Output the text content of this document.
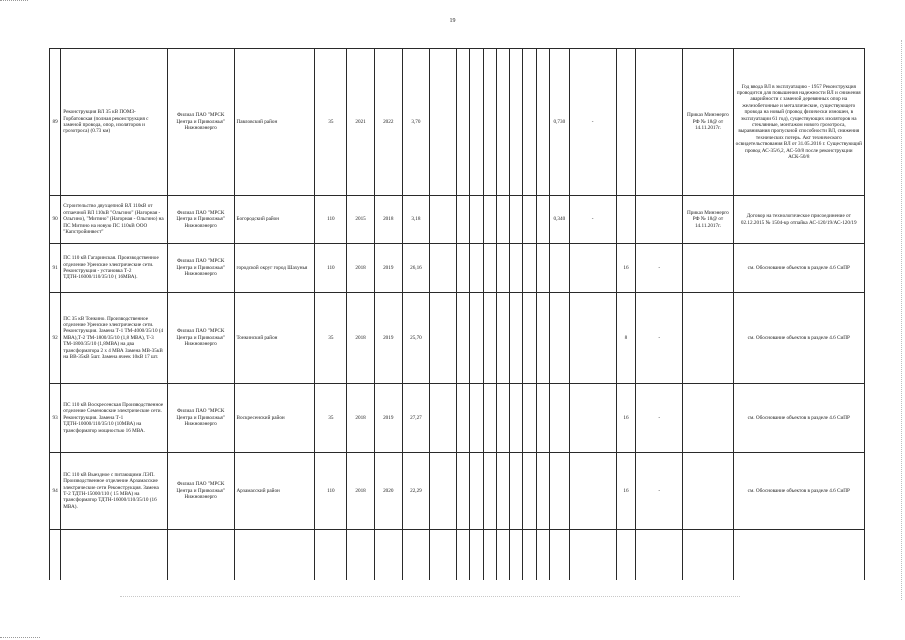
19
89	Реконструкция ВЛ 35 кВ ПОМЗ-Горбатовская (полная реконструкция с заменой провода, опор, изоляторов и грозотроса) (0.73 км)	Филиал ПАО "МРСК Центра и Приволжья" Нижновэнерго	Павловский район	35	2021	2022	3,70									0,730	-			Приказ Минэнерго РФ № 18@ от 14.11.2017г.	Год ввода ВЛ в эксплуатацию - 1957 Реконструкция проводится для повышения надежности ВЛ и снижения аварийности с заменой деревянных опор на железобетонные и металлические, существующего провода на новый (провод физически изношен, в эксплуатации 61 год), существующих изоляторов на стеклянные, монтажом нового грозотроса, выравнивания пропускной способности ВЛ, снижения технических потерь. Акт технического освидетельствования ВЛ от 31.05.2016 г. Существующий провод АС-35/6,2, АС-50/8 после реконструкции АСК-50/8
90	Строительство двухцепной ВЛ 110кВ от отпаечной ВЛ 110кВ "Ольгино" (Нагорная - Ольгино), "Митино" (Нагорная - Ольгино) на ПС Митино на новую ПС 110кВ ООО "Капстройинвест"	Филиал ПАО "МРСК Центра и Приволжья" Нижновэнерго	Богородский район	110	2015	2018	3,18									0,340	-			Приказ Минэнерго РФ № 18@ от 14.11.2017г.	Договор на технологическое присоединение от 02.12.2015 № 1504-кр отпайка АС-120/19/АС-120/19
91	ПС 110 кВ Гагаринская. Производственное отделение Уренские электрические сети. Реконструкция - установка Т-2 ТДТН-16000/110/35/10 ( 16МВА).	Филиал ПАО "МРСК Центра и Приволжья" Нижновэнерго	городской округ город Шахунья	110	2018	2019	26,16											16	-		см. Обоснование объектов в разделе 4.6 СиПР
92	ПС 35 кВ Тонкино. Производственное отделение Уренские электрические сети. Реконструкция. Замена Т-1 ТМ-4000/35/10 (4 МВА),Т-2 ТМ-1800/35/10 (1,8 МВА), Т-3 ТМ-1800/35/10 (1,8МВА) на два трансформатора 2 х 4 МВА Замена МВ-35кВ на ВВ-35кВ 5шт. Замена ячеек 10кВ 17 шт.	Филиал ПАО "МРСК Центра и Приволжья" Нижновэнерго	Тонкинский район	35	2018	2019	25,70											8	-		см. Обоснование объектов в разделе 4.6 СиПР
93	ПС 110 кВ Воскресенская Производственное отделение Семеновские электрические сети. Реконструкция. Замена Т-1 ТДТН-10000/110/35/10 (10МВА) на трансформатор мощностью 16 МВА.	Филиал ПАО "МРСК Центра и Приволжья" Нижновэнерго	Воскресенский район	35	2018	2019	27,27											16	-		см. Обоснование объектов в разделе 4.6 СиПР
94	ПС 110 кВ Выездное с питающими ЛЭП. Производственное отделение Арзамасские электрические сети Реконструкция. Замена Т-2 ТДТН-15000/110 ( 15 МВА) на трансформатор ТДТН-16000/110/35/10 (16 МВА).	Филиал ПАО "МРСК Центра и Приволжья" Нижновэнерго	Арзамасский район	110	2018	2020	22,29											16	-		см. Обоснование объектов в разделе 4.6 СиПР
